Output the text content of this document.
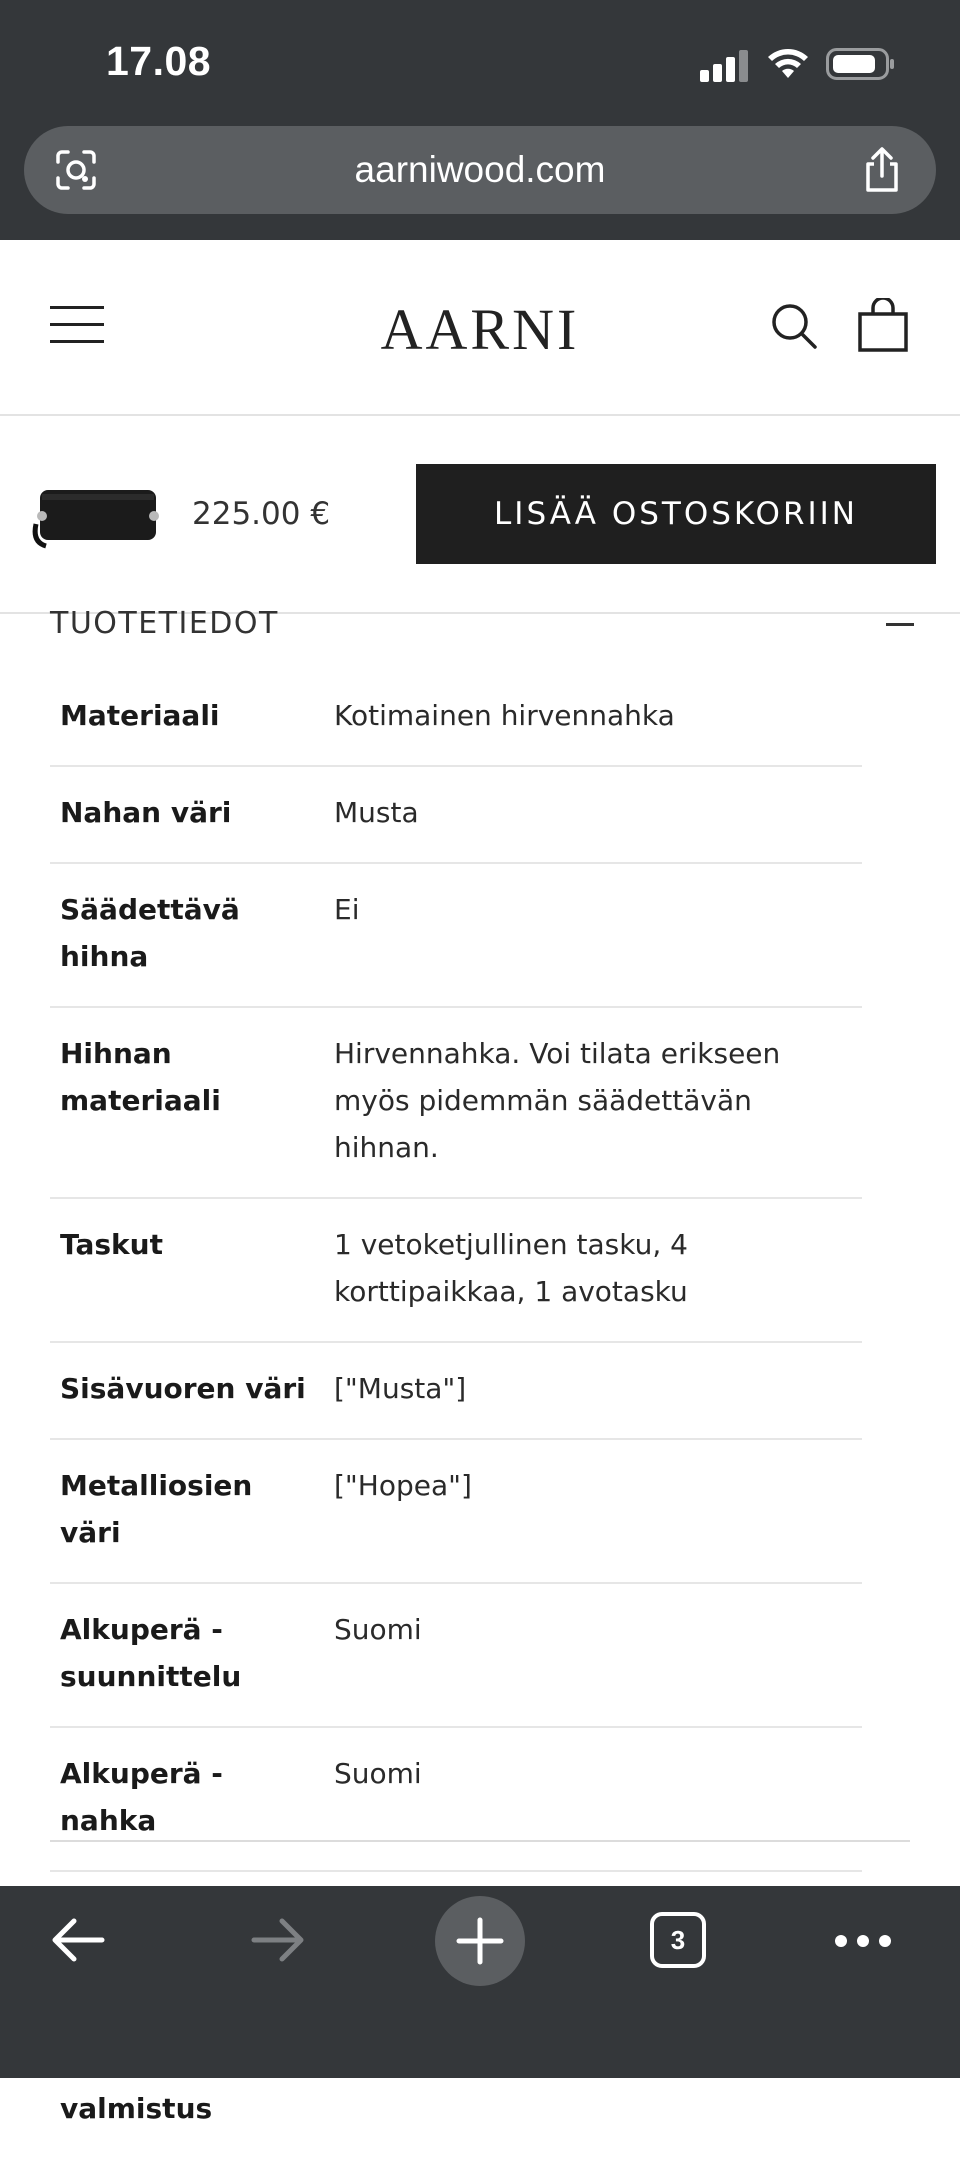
17.08
aarniwood.com
AARNI
225.00 €	LISÄÄ OSTOSKORIIN
TUOTETIEDOT
Materiaali	Kotimainen hirvennahka
Nahan väri	Musta
Säädettävä hihna	Ei
Hihnan materiaali	Hirvennahka. Voi tilata erikseen myös pidemmän säädettävän hihnan.
Taskut	1 vetoketjullinen tasku, 4 korttipaikkaa, 1 avotasku
Sisävuoren väri	["Musta"]
Metalliosien väri	["Hopea"]
Alkuperä - suunnittelu	Suomi
Alkuperä - nahka	Suomi

valmistus	
3
